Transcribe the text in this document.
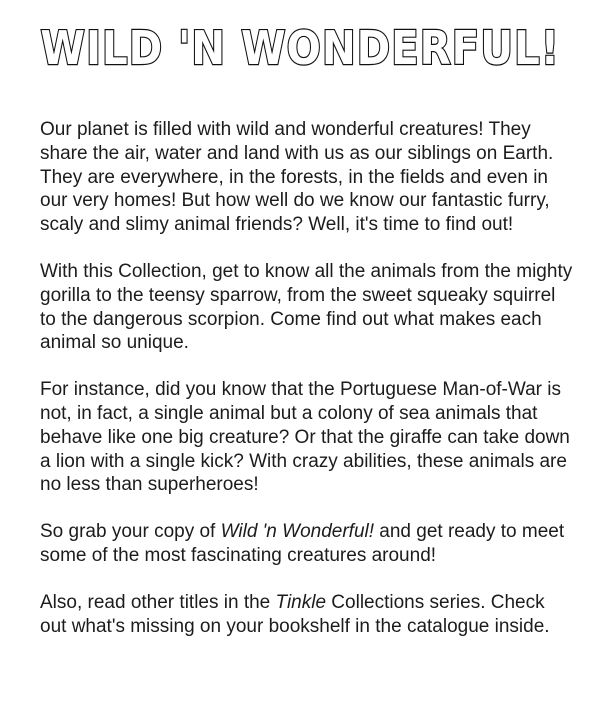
WILD 'N WONDERFUL!

Our planet is filled with wild and wonderful creatures! They share the air, water and land with us as our siblings on Earth. They are everywhere, in the forests, in the fields and even in our very homes! But how well do we know our fantastic furry, scaly and slimy animal friends? Well, it's time to find out!

With this Collection, get to know all the animals from the mighty gorilla to the teensy sparrow, from the sweet squeaky squirrel to the dangerous scorpion. Come find out what makes each animal so unique.

For instance, did you know that the Portuguese Man-of-War is not, in fact, a single animal but a colony of sea animals that behave like one big creature? Or that the giraffe can take down a lion with a single kick? With crazy abilities, these animals are no less than superheroes!

So grab your copy of Wild 'n Wonderful! and get ready to meet some of the most fascinating creatures around!

Also, read other titles in the Tinkle Collections series. Check out what's missing on your bookshelf in the catalogue inside.
